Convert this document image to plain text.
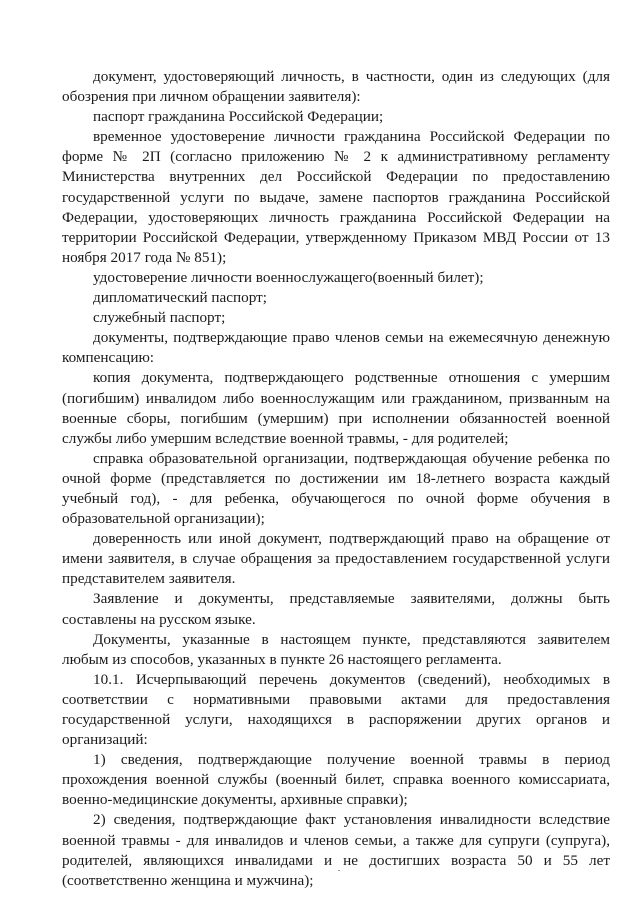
документ, удостоверяющий личность, в частности, один из следующих (для обозрения при личном обращении заявителя):

паспорт гражданина Российской Федерации;

временное удостоверение личности гражданина Российской Федерации по форме № 2П (согласно приложению № 2 к административному регламенту Министерства внутренних дел Российской Федерации по предоставлению государственной услуги по выдаче, замене паспортов гражданина Российской Федерации, удостоверяющих личность гражданина Российской Федерации на территории Российской Федерации, утвержденному Приказом МВД России от 13 ноября 2017 года № 851);

удостоверение личности военнослужащего(военный билет);

дипломатический паспорт;

служебный паспорт;

документы, подтверждающие право членов семьи на ежемесячную денежную компенсацию:

копия документа, подтверждающего родственные отношения с умершим (погибшим) инвалидом либо военнослужащим или гражданином, призванным на военные сборы, погибшим (умершим) при исполнении обязанностей военной службы либо умершим вследствие военной травмы, - для родителей;

справка образовательной организации, подтверждающая обучение ребенка по очной форме (представляется по достижении им 18-летнего возраста каждый учебный год), - для ребенка, обучающегося по очной форме обучения в образовательной организации);

доверенность или иной документ, подтверждающий право на обращение от имени заявителя, в случае обращения за предоставлением государственной услуги представителем заявителя.

Заявление и документы, представляемые заявителями, должны быть составлены на русском языке.

Документы, указанные в настоящем пункте, представляются заявителем любым из способов, указанных в пункте 26 настоящего регламента.

10.1. Исчерпывающий перечень документов (сведений), необходимых в соответствии с нормативными правовыми актами для предоставления государственной услуги, находящихся в распоряжении других органов и организаций:

1) сведения, подтверждающие получение военной травмы в период прохождения военной службы (военный билет, справка военного комиссариата, военно-медицинские документы, архивные справки);

2) сведения, подтверждающие факт установления инвалидности вследствие военной травмы - для инвалидов и членов семьи, а также для супруги (супруга), родителей, являющихся инвалидами и не достигших возраста 50 и 55 лет (соответственно женщина и мужчина);
